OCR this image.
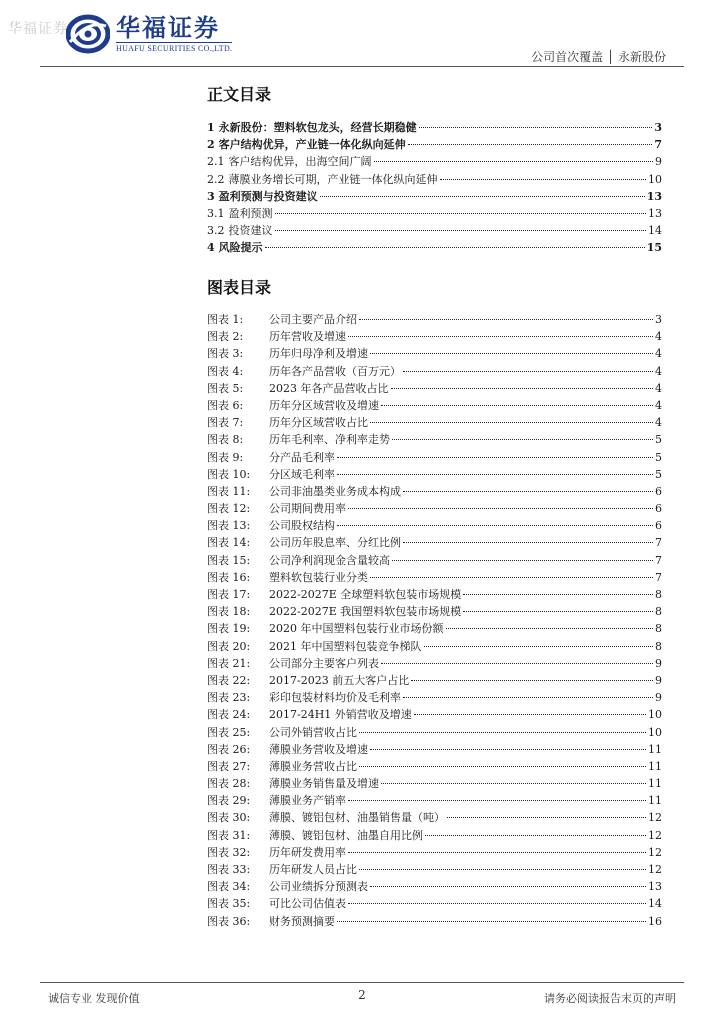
华福证券 华福证券
HUAFU SECURITIES CO.,LTD.
公司首次覆盖 │ 永新股份
正文目录
1 永新股份：塑料软包龙头，经营长期稳健	3
2 客户结构优异，产业链一体化纵向延伸	7
2.1 客户结构优异，出海空间广阔	9
2.2 薄膜业务增长可期，产业链一体化纵向延伸	10
3 盈利预测与投资建议	13
3.1 盈利预测	13
3.2 投资建议	14
4 风险提示	15
图表目录
图表 1:	公司主要产品介绍	3
图表 2:	历年营收及增速	4
图表 3:	历年归母净利及增速	4
图表 4:	历年各产品营收（百万元）	4
图表 5:	2023 年各产品营收占比	4
图表 6:	历年分区域营收及增速	4
图表 7:	历年分区域营收占比	4
图表 8:	历年毛利率、净利率走势	5
图表 9:	分产品毛利率	5
图表 10:	分区域毛利率	5
图表 11:	公司非油墨类业务成本构成	6
图表 12:	公司期间费用率	6
图表 13:	公司股权结构	6
图表 14:	公司历年股息率、分红比例	7
图表 15:	公司净利润现金含量较高	7
图表 16:	塑料软包装行业分类	7
图表 17:	2022-2027E 全球塑料软包装市场规模	8
图表 18:	2022-2027E 我国塑料软包装市场规模	8
图表 19:	2020 年中国塑料包装行业市场份额	8
图表 20:	2021 年中国塑料包装竞争梯队	8
图表 21:	公司部分主要客户列表	9
图表 22:	2017-2023 前五大客户占比	9
图表 23:	彩印包装材料均价及毛利率	9
图表 24:	2017-24H1 外销营收及增速	10
图表 25:	公司外销营收占比	10
图表 26:	薄膜业务营收及增速	11
图表 27:	薄膜业务营收占比	11
图表 28:	薄膜业务销售量及增速	11
图表 29:	薄膜业务产销率	11
图表 30:	薄膜、镀铝包材、油墨销售量（吨）	12
图表 31:	薄膜、镀铝包材、油墨自用比例	12
图表 32:	历年研发费用率	12
图表 33:	历年研发人员占比	12
图表 34:	公司业绩拆分预测表	13
图表 35:	可比公司估值表	14
图表 36:	财务预测摘要	16
诚信专业 发现价值	2	请务必阅读报告末页的声明
